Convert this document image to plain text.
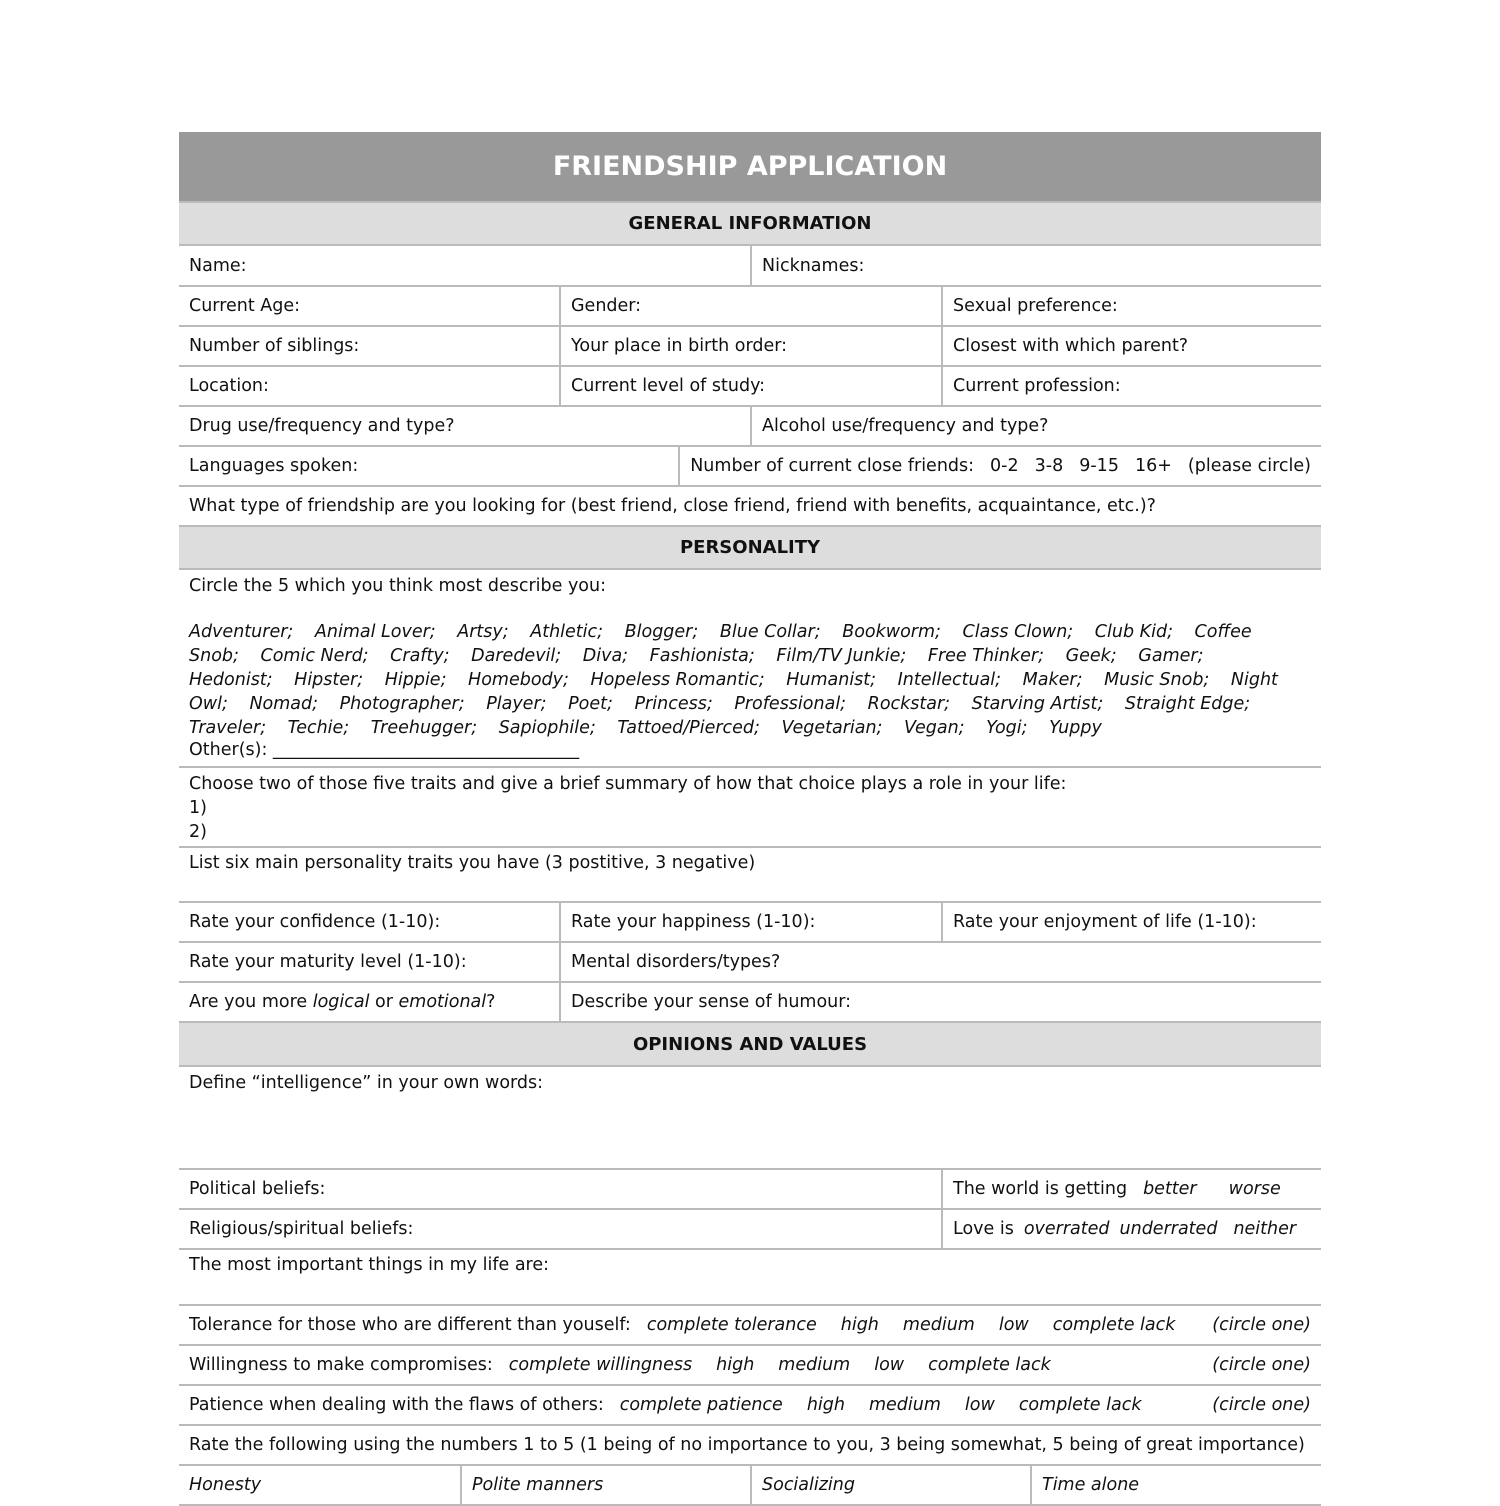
FRIENDSHIP APPLICATION
GENERAL INFORMATION
Name:	Nicknames:
Current Age:	Gender:	Sexual preference:
Number of siblings:	Your place in birth order:	Closest with which parent?
Location:	Current level of study:	Current profession:
Drug use/frequency and type?	Alcohol use/frequency and type?
Languages spoken:	Number of current close friends: 0-2 3-8 9-15 16+ (please circle)
What type of friendship are you looking for (best friend, close friend, friend with benefits, acquaintance, etc.)?
PERSONALITY
Circle the 5 which you think most describe you:
Adventurer; Animal Lover; Artsy; Athletic; Blogger; Blue Collar; Bookworm; Class Clown; Club Kid; Coffee Snob; Comic Nerd; Crafty; Daredevil; Diva; Fashionista; Film/TV Junkie; Free Thinker; Geek; Gamer; Hedonist; Hipster; Hippie; Homebody; Hopeless Romantic; Humanist; Intellectual; Maker; Music Snob; Night Owl; Nomad; Photographer; Player; Poet; Princess; Professional; Rockstar; Starving Artist; Straight Edge; Traveler; Techie; Treehugger; Sapiophile; Tattoed/Pierced; Vegetarian; Vegan; Yogi; Yuppy
Other(s): ___________________________________
Choose two of those five traits and give a brief summary of how that choice plays a role in your life:
1)
2)
List six main personality traits you have (3 postitive, 3 negative)
Rate your confidence (1-10):	Rate your happiness (1-10):	Rate your enjoyment of life (1-10):
Rate your maturity level (1-10):	Mental disorders/types?
Are you more logical or emotional ?	Describe your sense of humour:
OPINIONS AND VALUES
Define “intelligence” in your own words:
Political beliefs:	The world is getting better worse
Religious/spiritual beliefs:	Love is overrated underrated neither
The most important things in my life are:
Tolerance for those who are different than youself: complete tolerance high medium low complete lack (circle one)
Willingness to make compromises: complete willingness high medium low complete lack	(circle one)
Patience when dealing with the flaws of others: complete patience high medium low complete lack	(circle one)
Rate the following using the numbers 1 to 5 (1 being of no importance to you, 3 being somewhat, 5 being of great importance)
Honesty	Polite manners	Socializing	Time alone
